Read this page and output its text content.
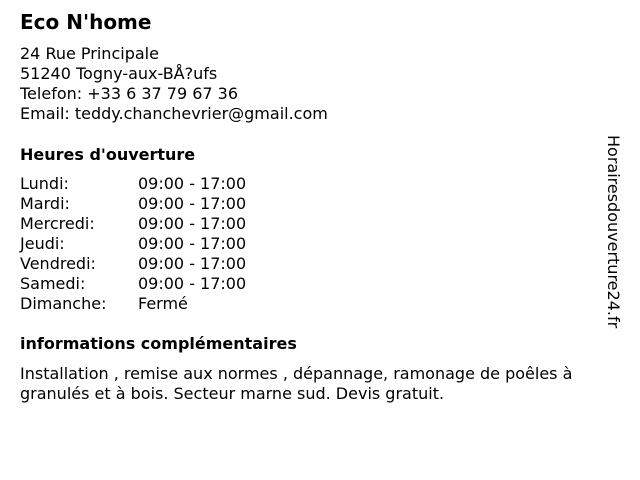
Eco N'home
24 Rue Principale
51240 Togny-aux-BÅ?ufs
Telefon: +33 6 37 79 67 36
Email: teddy.chanchevrier@gmail.com
Heures d'ouverture
Lundi:	09:00 - 17:00
Mardi:	09:00 - 17:00
Mercredi:	09:00 - 17:00
Jeudi:	09:00 - 17:00
Vendredi:	09:00 - 17:00
Samedi:	09:00 - 17:00
Dimanche: Fermé
informations complémentaires
Installation , remise aux normes , dépannage, ramonage de poêles à
granulés et à bois. Secteur marne sud. Devis gratuit.
Horairesdouverture24.fr
